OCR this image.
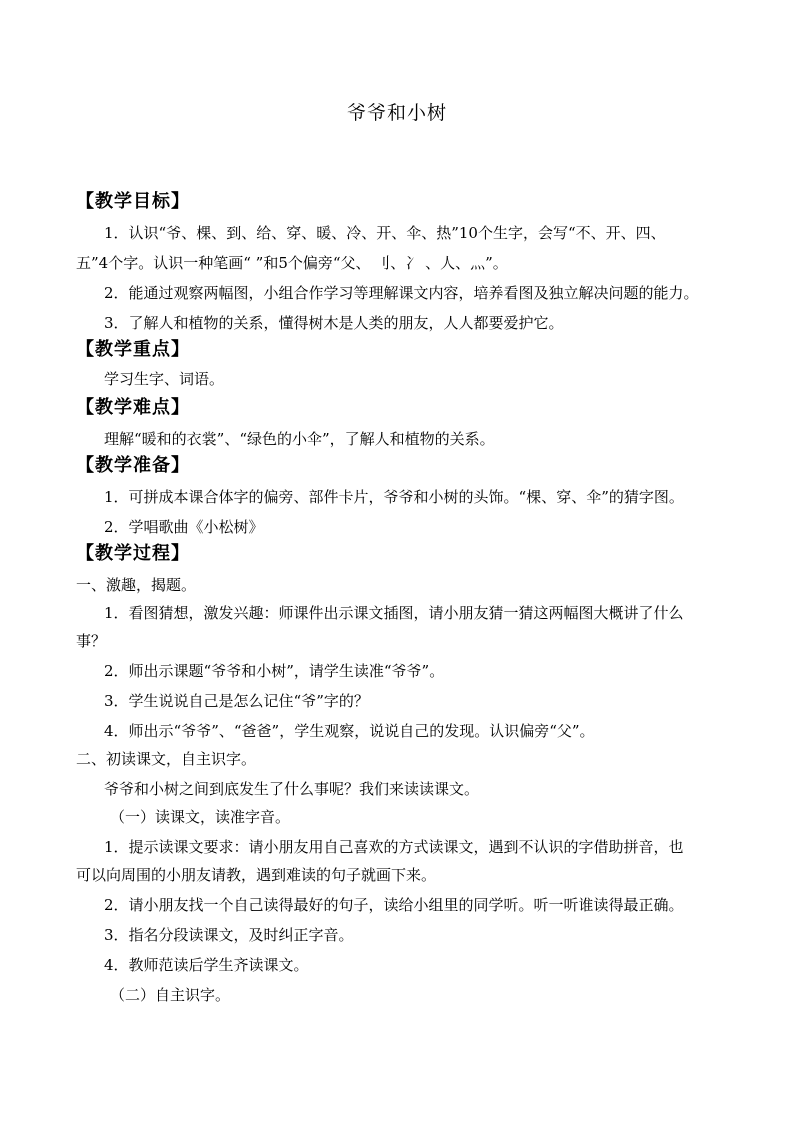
爷爷和小树
【教学目标】
1．认识“爷、棵、到、给、穿、暖、冷、开、伞、热”10个生字，会写“不、开、四、
五”4个字。认识一种笔画“ ”和5个偏旁“父、 刂、冫 、人、灬”。
2．能通过观察两幅图，小组合作学习等理解课文内容，培养看图及独立解决问题的能力。
3．了解人和植物的关系，懂得树木是人类的朋友，人人都要爱护它。
【教学重点】
学习生字、词语。
【教学难点】
理解“暖和的衣裳”、“绿色的小伞”，了解人和植物的关系。
【教学准备】
1．可拼成本课合体字的偏旁、部件卡片，爷爷和小树的头饰。“棵、穿、伞”的猜字图。
2．学唱歌曲《小松树》
【教学过程】
一、激趣，揭题。
1．看图猜想，激发兴趣：师课件出示课文插图，请小朋友猜一猜这两幅图大概讲了什么
事？
2．师出示课题“爷爷和小树”，请学生读准“爷爷”。
3．学生说说自己是怎么记住“爷”字的？
4．师出示“爷爷”、“爸爸”，学生观察，说说自己的发现。认识偏旁“父”。
二、初读课文，自主识字。
爷爷和小树之间到底发生了什么事呢？我们来读读课文。
（一）读课文，读准字音。
1．提示读课文要求：请小朋友用自己喜欢的方式读课文，遇到不认识的字借助拼音，也
可以向周围的小朋友请教，遇到难读的句子就画下来。
2．请小朋友找一个自己读得最好的句子，读给小组里的同学听。听一听谁读得最正确。
3．指名分段读课文，及时纠正字音。
4．教师范读后学生齐读课文。
（二）自主识字。
